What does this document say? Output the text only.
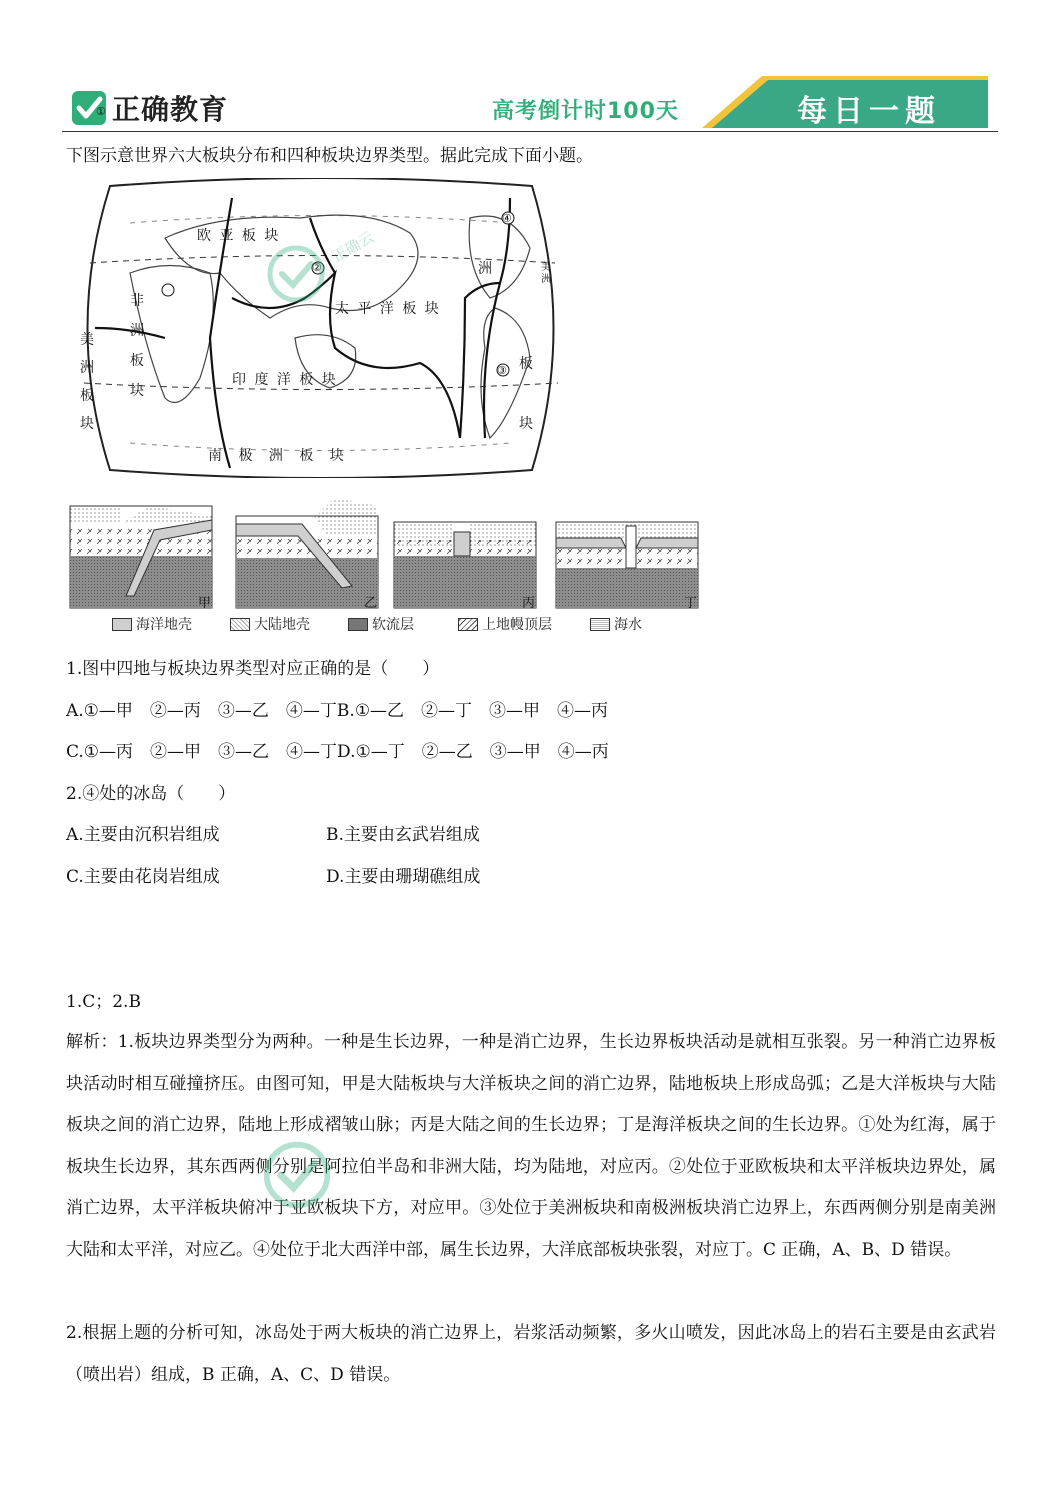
正确教育	高考倒计时100天	每日一题
下图示意世界六大板块分布和四种板块边界类型。据此完成下面小题。
①
②
③
④
欧 亚 板 块
太 平 洋 板 块
印 度 洋 板 块
南 极 洲 板 块
非
洲
板
块
美
洲
板
块
洲
板
块
美
洲
正确云
甲	乙	丙	丁
海洋地壳	大陆地壳	软流层	上地幔顶层	海水
1.图中四地与板块边界类型对应正确的是（　　）
A.①—甲　②—丙　③—乙　④—丁B.①—乙　②—丁　③—甲　④—丙
C.①—丙　②—甲　③—乙　④—丁D.①—丁　②—乙　③—甲　④—丙
2.④处的冰岛（　　）
A.主要由沉积岩组成	B.主要由玄武岩组成
C.主要由花岗岩组成	D.主要由珊瑚礁组成
1.C；2.B
解析：1.板块边界类型分为两种。一种是生长边界，一种是消亡边界，生长边界板块活动是就相互张裂。另一种消亡边界板块活动时相互碰撞挤压。由图可知，甲是大陆板块与大洋板块之间的消亡边界，陆地板块上形成岛弧；乙是大洋板块与大陆板块之间的消亡边界，陆地上形成褶皱山脉；丙是大陆之间的生长边界；丁是海洋板块之间的生长边界。①处为红海，属于板块生长边界，其东西两侧分别是阿拉伯半岛和非洲大陆，均为陆地，对应丙。②处位于亚欧板块和太平洋板块边界处，属消亡边界，太平洋板块俯冲于亚欧板块下方，对应甲。③处位于美洲板块和南极洲板块消亡边界上，东西两侧分别是南美洲大陆和太平洋，对应乙。④处位于北大西洋中部，属生长边界，大洋底部板块张裂，对应丁。C 正确，A、B、D 错误。
2.根据上题的分析可知，冰岛处于两大板块的消亡边界上，岩浆活动频繁，多火山喷发，因此冰岛上的岩石主要是由玄武岩（喷出岩）组成，B 正确，A、C、D 错误。
